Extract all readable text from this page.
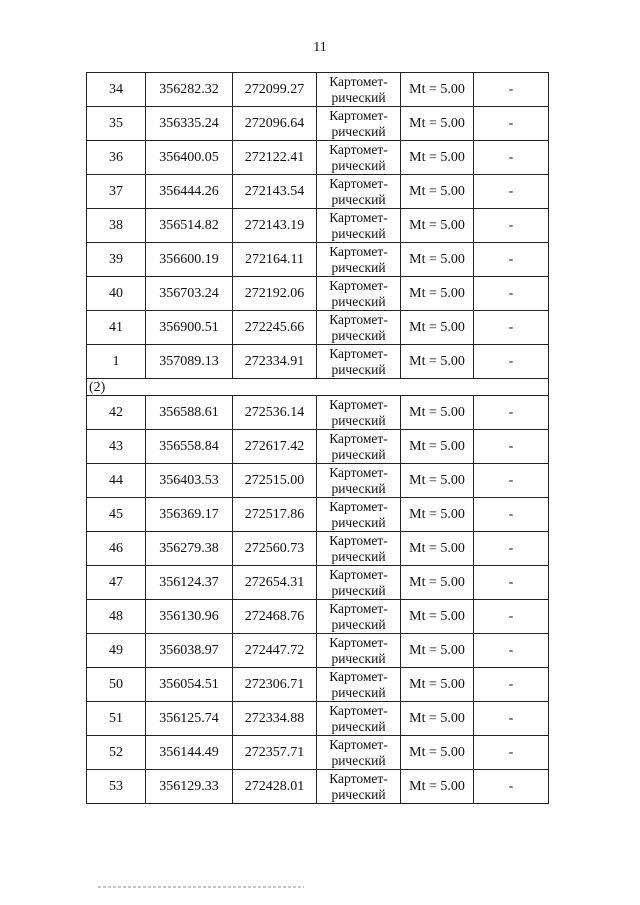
11
34	356282.32	272099.27	Картомет-
рический	Mt = 5.00	-
35	356335.24	272096.64	Картомет-
рический	Mt = 5.00	-
36	356400.05	272122.41	Картомет-
рический	Mt = 5.00	-
37	356444.26	272143.54	Картомет-
рический	Mt = 5.00	-
38	356514.82	272143.19	Картомет-
рический	Mt = 5.00	-
39	356600.19	272164.11	Картомет-
рический	Mt = 5.00	-
40	356703.24	272192.06	Картомет-
рический	Mt = 5.00	-
41	356900.51	272245.66	Картомет-
рический	Mt = 5.00	-
1	357089.13	272334.91	Картомет-
рический	Mt = 5.00	-
(2)					
42	356588.61	272536.14	Картомет-
рический	Mt = 5.00	-
43	356558.84	272617.42	Картомет-
рический	Mt = 5.00	-
44	356403.53	272515.00	Картомет-
рический	Mt = 5.00	-
45	356369.17	272517.86	Картомет-
рический	Mt = 5.00	-
46	356279.38	272560.73	Картомет-
рический	Mt = 5.00	-
47	356124.37	272654.31	Картомет-
рический	Mt = 5.00	-
48	356130.96	272468.76	Картомет-
рический	Mt = 5.00	-
49	356038.97	272447.72	Картомет-
рический	Mt = 5.00	-
50	356054.51	272306.71	Картомет-
рический	Mt = 5.00	-
51	356125.74	272334.88	Картомет-
рический	Mt = 5.00	-
52	356144.49	272357.71	Картомет-
рический	Mt = 5.00	-
53	356129.33	272428.01	Картомет-
рический	Mt = 5.00	-
